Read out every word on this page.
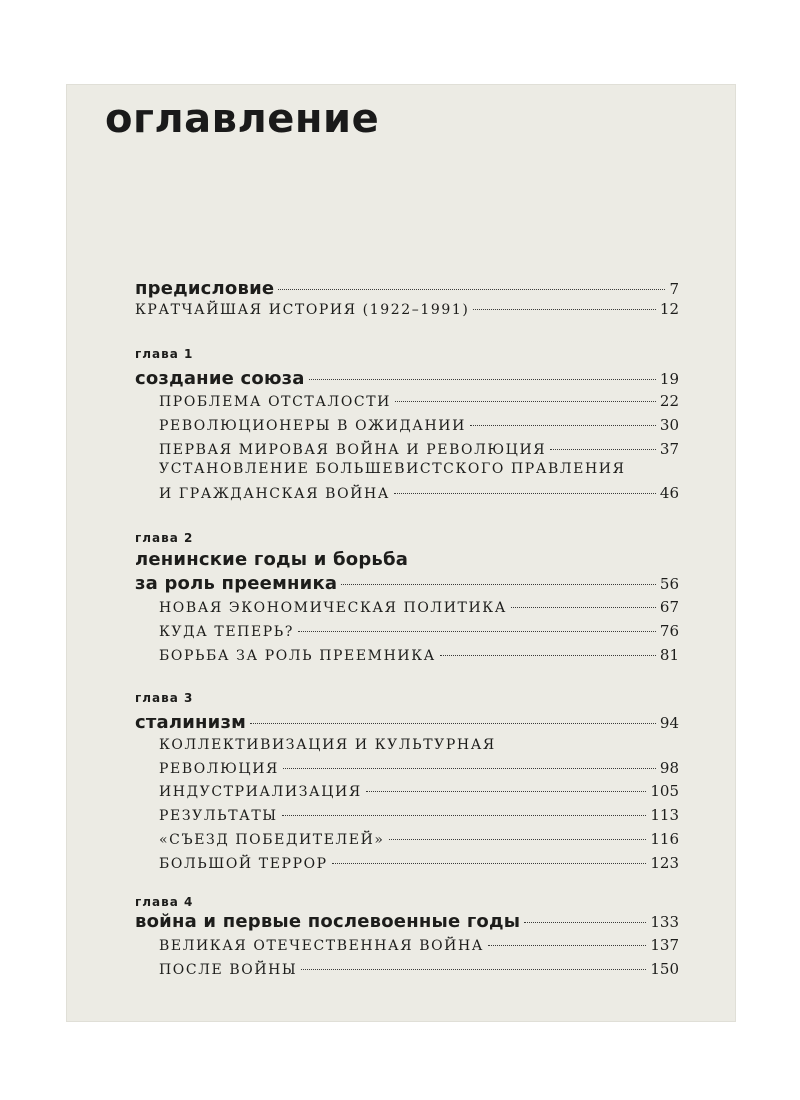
оглавление
предисловие	7
КРАТЧАЙШАЯ ИСТОРИЯ (1922–1991)	12

глава 1

создание союза	19
ПРОБЛЕМА ОТСТАЛОСТИ	22
РЕВОЛЮЦИОНЕРЫ В ОЖИДАНИИ	30
ПЕРВАЯ МИРОВАЯ ВОЙНА И РЕВОЛЮЦИЯ	37

УСТАНОВЛЕНИЕ БОЛЬШЕВИСТСКОГО ПРАВЛЕНИЯ

И ГРАЖДАНСКАЯ ВОЙНА	46

глава 2

ленинские годы и борьба

за роль преемника	56
НОВАЯ ЭКОНОМИЧЕСКАЯ ПОЛИТИКА	67
КУДА ТЕПЕРЬ?	76
БОРЬБА ЗА РОЛЬ ПРЕЕМНИКА	81

глава 3

сталинизм	94

КОЛЛЕКТИВИЗАЦИЯ И КУЛЬТУРНАЯ

РЕВОЛЮЦИЯ	98
ИНДУСТРИАЛИЗАЦИЯ	105
РЕЗУЛЬТАТЫ	113
«СЪЕЗД ПОБЕДИТЕЛЕЙ»	116
БОЛЬШОЙ ТЕРРОР	123

глава 4

война и первые послевоенные годы	133
ВЕЛИКАЯ ОТЕЧЕСТВЕННАЯ ВОЙНА	137
ПОСЛЕ ВОЙНЫ	150
